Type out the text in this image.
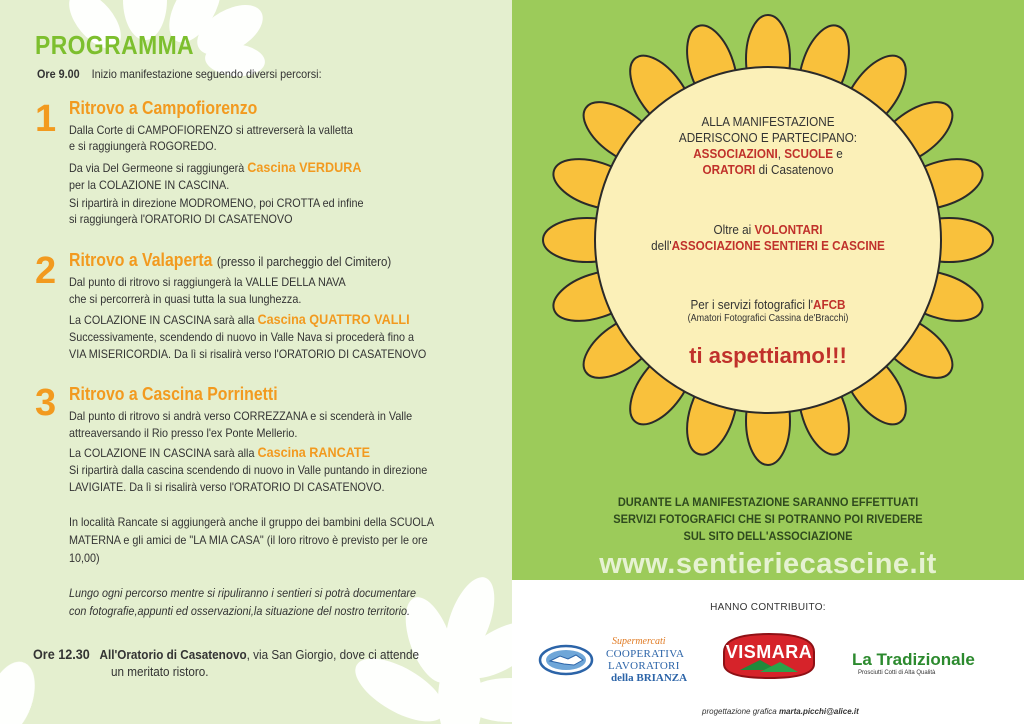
PROGRAMMA
Ore 9.00 Inizio manifestazione seguendo diversi percorsi:
1 Ritrovo a Campofiorenzo
Dalla Corte di CAMPOFIORENZO si attreverserà la valletta
e si raggiungerà ROGOREDO.
Da via Del Germeone si raggiungerà Cascina VERDURA
per la COLAZIONE IN CASCINA.
Si ripartirà in direzione MODROMENO, poi CROTTA ed infine
si raggiungerà l'ORATORIO DI CASATENOVO
2 Ritrovo a Valaperta (presso il parcheggio del Cimitero)
Dal punto di ritrovo si raggiungerà la VALLE DELLA NAVA
che si percorrerà in quasi tutta la sua lunghezza.
La COLAZIONE IN CASCINA sarà alla Cascina QUATTRO VALLI
Successivamente, scendendo di nuovo in Valle Nava si procederà fino a
VIA MISERICORDIA. Da lì si risalirà verso l'ORATORIO DI CASATENOVO
3 Ritrovo a Cascina Porrinetti
Dal punto di ritrovo si andrà verso CORREZZANA e si scenderà in Valle
attreaversando il Rio presso l'ex Ponte Mellerio.
La COLAZIONE IN CASCINA sarà alla Cascina RANCATE
Si ripartirà dalla cascina scendendo di nuovo in Valle puntando in direzione
LAVIGIATE. Da lì si risalirà verso l'ORATORIO DI CASATENOVO.
In località Rancate si aggiungerà anche il gruppo dei bambini della SCUOLA
MATERNA e gli amici de "LA MIA CASA" (il loro ritrovo è previsto per le ore
10,00)
Lungo ogni percorso mentre si ripuliranno i sentieri si potrà documentare
con fotografie,appunti ed osservazioni,la situazione del nostro territorio.
Ore 12.30 All'Oratorio di Casatenovo, via San Giorgio, dove ci attende
un meritato ristoro.
ALLA MANIFESTAZIONE
ADERISCONO E PARTECIPANO:
ASSOCIAZIONI, SCUOLE e
ORATORI di Casatenovo
Oltre ai VOLONTARI
dell'ASSOCIAZIONE SENTIERI E CASCINE
Per i servizi fotografici l'AFCB
(Amatori Fotografici Cassina de'Bracchi)
ti aspettiamo!!!
DURANTE LA MANIFESTAZIONE SARANNO EFFETTUATI
SERVIZI FOTOGRAFICI CHE SI POTRANNO POI RIVEDERE
SUL SITO DELL'ASSOCIAZIONE
www.sentieriecascine.it
HANNO CONTRIBUITO:
Supermercati
COOPERATIVA
LAVORATORI
della BRIANZA
VISMARA	La Tradizionale
Prosciutti Cotti di Alta Qualità
progettazione grafica marta.picchi@alice.it
